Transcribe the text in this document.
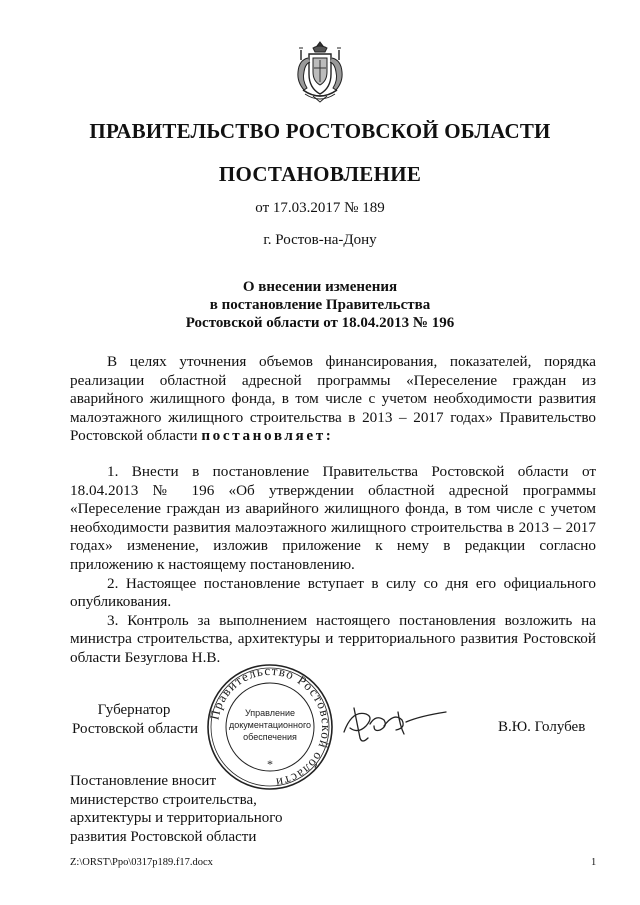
ПРАВИТЕЛЬСТВО РОСТОВСКОЙ ОБЛАСТИ
ПОСТАНОВЛЕНИЕ
от 17.03.2017 № 189
г. Ростов-на-Дону
О внесении изменения
в постановление Правительства
Ростовской области от 18.04.2013 № 196

В целях уточнения объемов финансирования, показателей, порядка реализации областной адресной программы «Переселение граждан из аварийного жилищного фонда, в том числе с учетом необходимости развития малоэтажного жилищного строительства в 2013 – 2017 годах» Правительство Ростовской области постановляет:

1. Внести в постановление Правительства Ростовской области от 18.04.2013 № 196 «Об утверждении областной адресной программы «Переселение граждан из аварийного жилищного фонда, в том числе с учетом необходимости развития малоэтажного жилищного строительства в 2013 – 2017 годах» изменение, изложив приложение к нему в редакции согласно приложению к настоящему постановлению.

2. Настоящее постановление вступает в силу со дня его официального опубликования.

3. Контроль за выполнением настоящего постановления возложить на министра строительства, архитектуры и территориального развития Ростовской области Безуглова Н.В.

Губернатор
Ростовской области
Правительство Ростовской области
Управление
документационного
обеспечения
*
В.Ю. Голубев
Постановление вносит
министерство строительства,
архитектуры и территориального
развития Ростовской области
Z:\ORST\Ppo\0317p189.f17.docx	1
